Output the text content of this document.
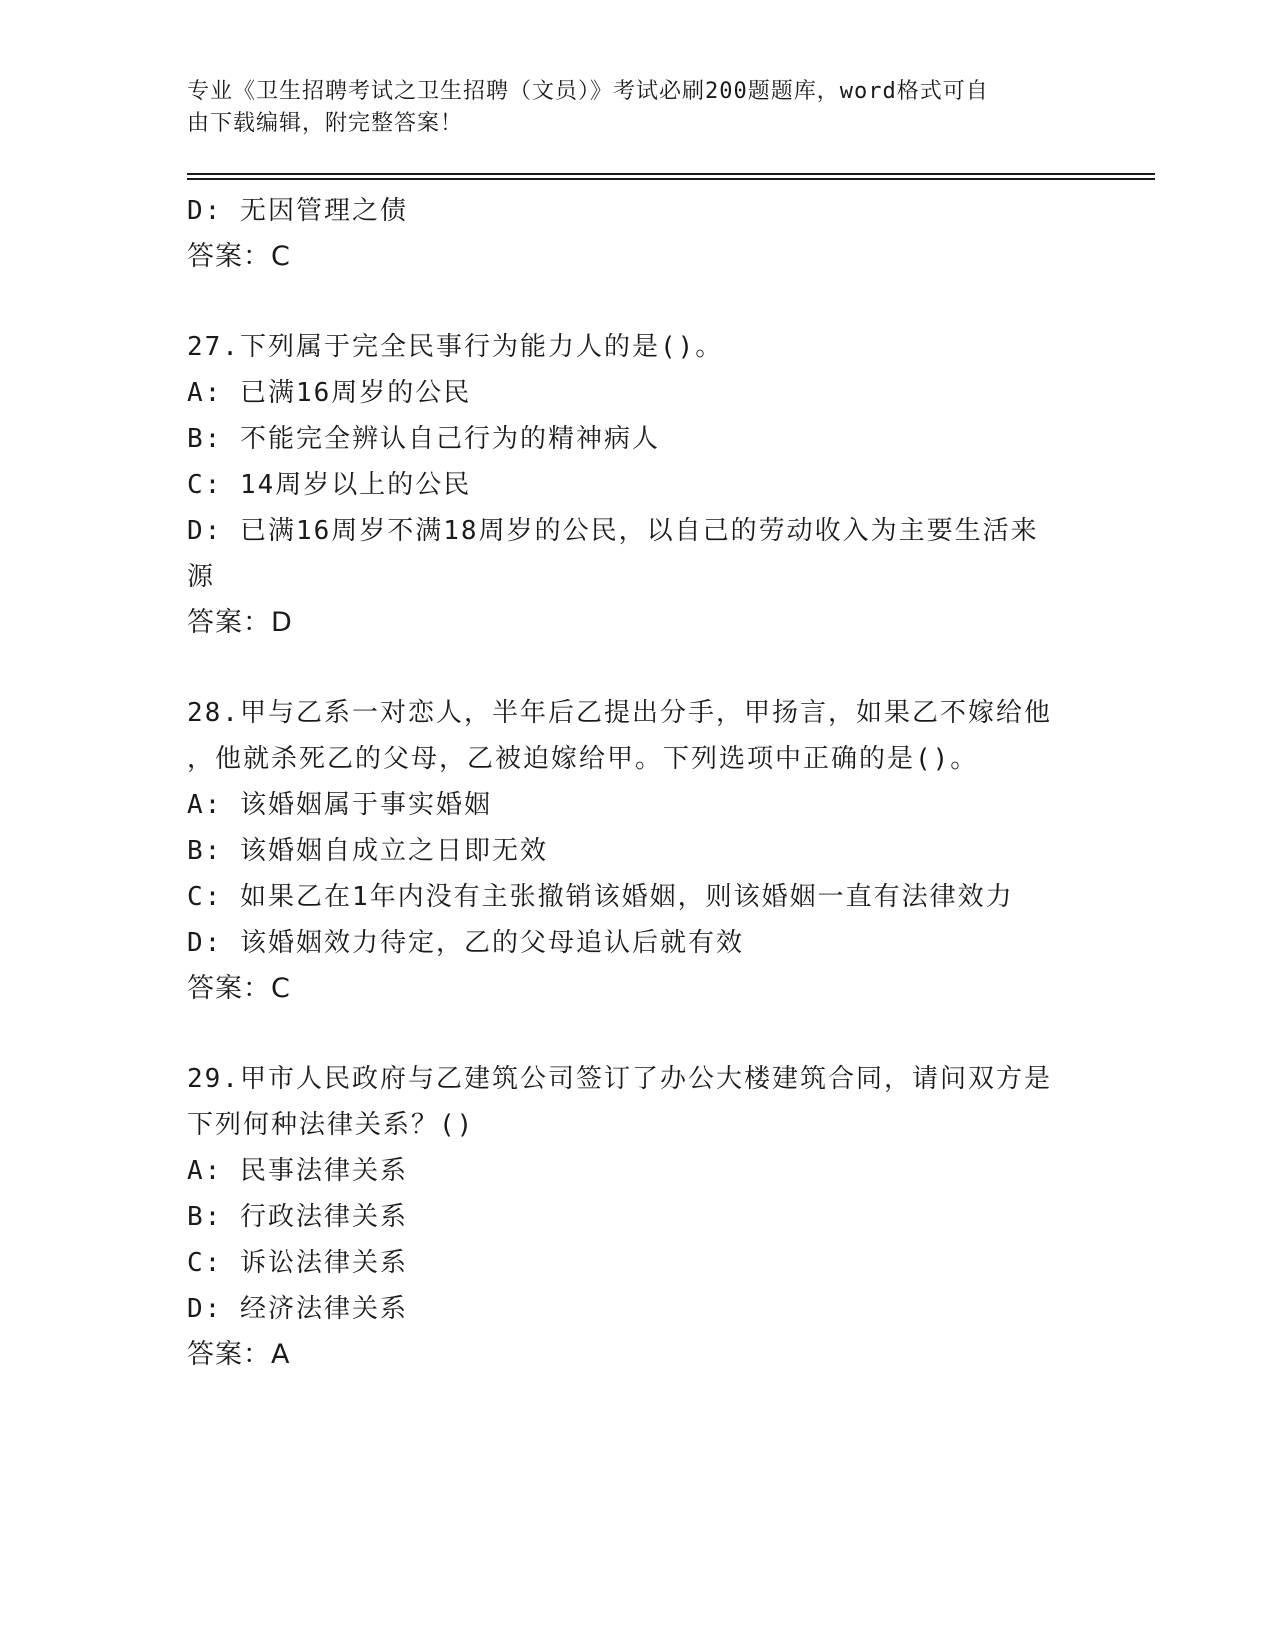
专业《卫生招聘考试之卫生招聘（文员）》考试必刷200题题库，word格式可自
由下载编辑，附完整答案！
D: 无因管理之债
答案：C
27.下列属于完全民事行为能力人的是()。
A: 已满16周岁的公民
B: 不能完全辨认自己行为的精神病人
C: 14周岁以上的公民
D: 已满16周岁不满18周岁的公民，以自己的劳动收入为主要生活来
源
答案：D
28.甲与乙系一对恋人，半年后乙提出分手，甲扬言，如果乙不嫁给他
，他就杀死乙的父母，乙被迫嫁给甲。下列选项中正确的是()。
A: 该婚姻属于事实婚姻
B: 该婚姻自成立之日即无效
C: 如果乙在1年内没有主张撤销该婚姻，则该婚姻一直有法律效力
D: 该婚姻效力待定，乙的父母追认后就有效
答案：C
29.甲市人民政府与乙建筑公司签订了办公大楼建筑合同，请问双方是
下列何种法律关系？()
A: 民事法律关系
B: 行政法律关系
C: 诉讼法律关系
D: 经济法律关系
答案：A
